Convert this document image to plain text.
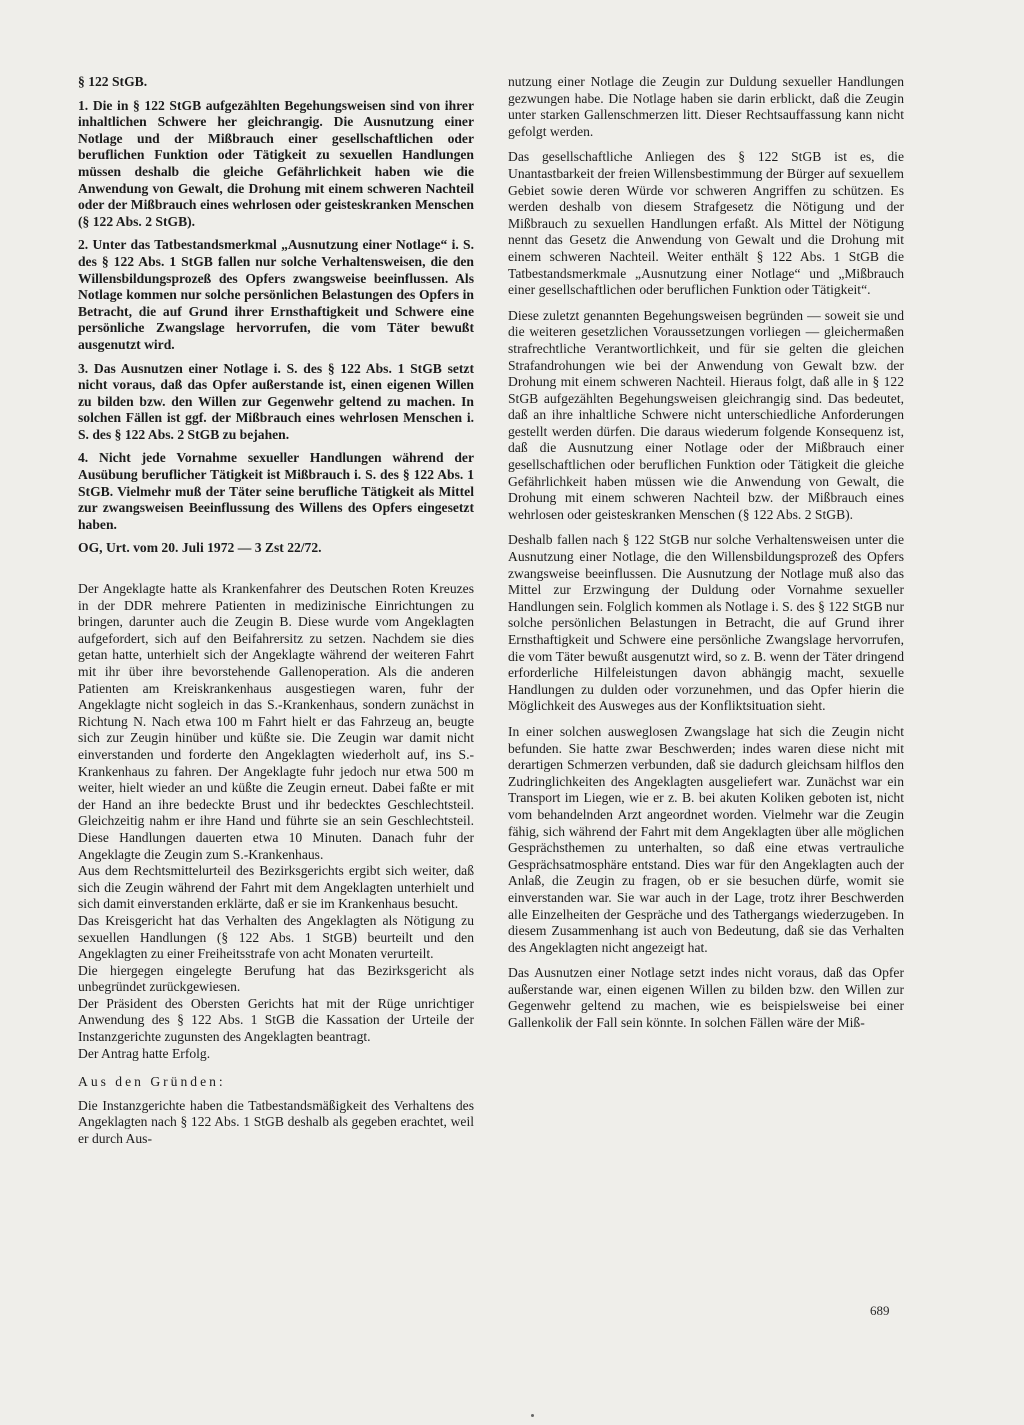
§ 122 StGB.

1. Die in § 122 StGB aufgezählten Begehungsweisen sind von ihrer inhaltlichen Schwere her gleichrangig. Die Ausnutzung einer Notlage und der Mißbrauch einer gesellschaftlichen oder beruflichen Funktion oder Tätigkeit zu sexuellen Handlungen müssen deshalb die gleiche Gefährlichkeit haben wie die Anwendung von Gewalt, die Drohung mit einem schweren Nachteil oder der Mißbrauch eines wehrlosen oder geisteskranken Menschen (§ 122 Abs. 2 StGB).

2. Unter das Tatbestandsmerkmal „Ausnutzung einer Notlage“ i. S. des § 122 Abs. 1 StGB fallen nur solche Verhaltensweisen, die den Willensbildungsprozeß des Opfers zwangsweise beeinflussen. Als Notlage kommen nur solche persönlichen Belastungen des Opfers in Betracht, die auf Grund ihrer Ernsthaftigkeit und Schwere eine persönliche Zwangslage hervorrufen, die vom Täter bewußt ausgenutzt wird.

3. Das Ausnutzen einer Notlage i. S. des § 122 Abs. 1 StGB setzt nicht voraus, daß das Opfer außerstande ist, einen eigenen Willen zu bilden bzw. den Willen zur Gegenwehr geltend zu machen. In solchen Fällen ist ggf. der Mißbrauch eines wehrlosen Menschen i. S. des § 122 Abs. 2 StGB zu bejahen.

4. Nicht jede Vornahme sexueller Handlungen während der Ausübung beruflicher Tätigkeit ist Mißbrauch i. S. des § 122 Abs. 1 StGB. Vielmehr muß der Täter seine berufliche Tätigkeit als Mittel zur zwangsweisen Beeinflussung des Willens des Opfers eingesetzt haben.

OG, Urt. vom 20. Juli 1972 — 3 Zst 22/72.

Der Angeklagte hatte als Krankenfahrer des Deutschen Roten Kreuzes in der DDR mehrere Patienten in medizinische Einrichtungen zu bringen, darunter auch die Zeugin B. Diese wurde vom Angeklagten aufgefordert, sich auf den Beifahrersitz zu setzen. Nachdem sie dies getan hatte, unterhielt sich der Angeklagte während der weiteren Fahrt mit ihr über ihre bevorstehende Gallenoperation. Als die anderen Patienten am Kreiskrankenhaus ausgestiegen waren, fuhr der Angeklagte nicht sogleich in das S.-Krankenhaus, sondern zunächst in Richtung N. Nach etwa 100 m Fahrt hielt er das Fahrzeug an, beugte sich zur Zeugin hinüber und küßte sie. Die Zeugin war damit nicht einverstanden und forderte den Angeklagten wiederholt auf, ins S.-Krankenhaus zu fahren. Der Angeklagte fuhr jedoch nur etwa 500 m weiter, hielt wieder an und küßte die Zeugin erneut. Dabei faßte er mit der Hand an ihre bedeckte Brust und ihr bedecktes Geschlechtsteil. Gleichzeitig nahm er ihre Hand und führte sie an sein Geschlechtsteil. Diese Handlungen dauerten etwa 10 Minuten. Danach fuhr der Angeklagte die Zeugin zum S.-Krankenhaus.

Aus dem Rechtsmittelurteil des Bezirksgerichts ergibt sich weiter, daß sich die Zeugin während der Fahrt mit dem Angeklagten unterhielt und sich damit einverstanden erklärte, daß er sie im Krankenhaus besucht.

Das Kreisgericht hat das Verhalten des Angeklagten als Nötigung zu sexuellen Handlungen (§ 122 Abs. 1 StGB) beurteilt und den Angeklagten zu einer Freiheitsstrafe von acht Monaten verurteilt.

Die hiergegen eingelegte Berufung hat das Bezirksgericht als unbegründet zurückgewiesen.

Der Präsident des Obersten Gerichts hat mit der Rüge unrichtiger Anwendung des § 122 Abs. 1 StGB die Kassation der Urteile der Instanzgerichte zugunsten des Angeklagten beantragt.

Der Antrag hatte Erfolg.

Aus den Gründen:

Die Instanzgerichte haben die Tatbestandsmäßigkeit des Verhaltens des Angeklagten nach § 122 Abs. 1 StGB deshalb als gegeben erachtet, weil er durch Aus-

nutzung einer Notlage die Zeugin zur Duldung sexueller Handlungen gezwungen habe. Die Notlage haben sie darin erblickt, daß die Zeugin unter starken Gallenschmerzen litt. Dieser Rechtsauffassung kann nicht gefolgt werden.

Das gesellschaftliche Anliegen des § 122 StGB ist es, die Unantastbarkeit der freien Willensbestimmung der Bürger auf sexuellem Gebiet sowie deren Würde vor schweren Angriffen zu schützen. Es werden deshalb von diesem Strafgesetz die Nötigung und der Mißbrauch zu sexuellen Handlungen erfaßt. Als Mittel der Nötigung nennt das Gesetz die Anwendung von Gewalt und die Drohung mit einem schweren Nachteil. Weiter enthält § 122 Abs. 1 StGB die Tatbestandsmerkmale „Ausnutzung einer Notlage“ und „Mißbrauch einer gesellschaftlichen oder beruflichen Funktion oder Tätigkeit“.

Diese zuletzt genannten Begehungsweisen begründen — soweit sie und die weiteren gesetzlichen Voraussetzungen vorliegen — gleichermaßen strafrechtliche Verantwortlichkeit, und für sie gelten die gleichen Strafandrohungen wie bei der Anwendung von Gewalt bzw. der Drohung mit einem schweren Nachteil. Hieraus folgt, daß alle in § 122 StGB aufgezählten Begehungsweisen gleichrangig sind. Das bedeutet, daß an ihre inhaltliche Schwere nicht unterschiedliche Anforderungen gestellt werden dürfen. Die daraus wiederum folgende Konsequenz ist, daß die Ausnutzung einer Notlage oder der Mißbrauch einer gesellschaftlichen oder beruflichen Funktion oder Tätigkeit die gleiche Gefährlichkeit haben müssen wie die Anwendung von Gewalt, die Drohung mit einem schweren Nachteil bzw. der Mißbrauch eines wehrlosen oder geisteskranken Menschen (§ 122 Abs. 2 StGB).

Deshalb fallen nach § 122 StGB nur solche Verhaltensweisen unter die Ausnutzung einer Notlage, die den Willensbildungsprozeß des Opfers zwangsweise beeinflussen. Die Ausnutzung der Notlage muß also das Mittel zur Erzwingung der Duldung oder Vornahme sexueller Handlungen sein. Folglich kommen als Notlage i. S. des § 122 StGB nur solche persönlichen Belastungen in Betracht, die auf Grund ihrer Ernsthaftigkeit und Schwere eine persönliche Zwangslage hervorrufen, die vom Täter bewußt ausgenutzt wird, so z. B. wenn der Täter dringend erforderliche Hilfeleistungen davon abhängig macht, sexuelle Handlungen zu dulden oder vorzunehmen, und das Opfer hierin die Möglichkeit des Ausweges aus der Konfliktsituation sieht.

In einer solchen ausweglosen Zwangslage hat sich die Zeugin nicht befunden. Sie hatte zwar Beschwerden; indes waren diese nicht mit derartigen Schmerzen verbunden, daß sie dadurch gleichsam hilflos den Zudringlichkeiten des Angeklagten ausgeliefert war. Zunächst war ein Transport im Liegen, wie er z. B. bei akuten Koliken geboten ist, nicht vom behandelnden Arzt angeordnet worden. Vielmehr war die Zeugin fähig, sich während der Fahrt mit dem Angeklagten über alle möglichen Gesprächsthemen zu unterhalten, so daß eine etwas vertrauliche Gesprächsatmosphäre entstand. Dies war für den Angeklagten auch der Anlaß, die Zeugin zu fragen, ob er sie besuchen dürfe, womit sie einverstanden war. Sie war auch in der Lage, trotz ihrer Beschwerden alle Einzelheiten der Gespräche und des Tathergangs wiederzugeben. In diesem Zusammenhang ist auch von Bedeutung, daß sie das Verhalten des Angeklagten nicht angezeigt hat.

Das Ausnutzen einer Notlage setzt indes nicht voraus, daß das Opfer außerstande war, einen eigenen Willen zu bilden bzw. den Willen zur Gegenwehr geltend zu machen, wie es beispielsweise bei einer Gallenkolik der Fall sein könnte. In solchen Fällen wäre der Miß-

689
